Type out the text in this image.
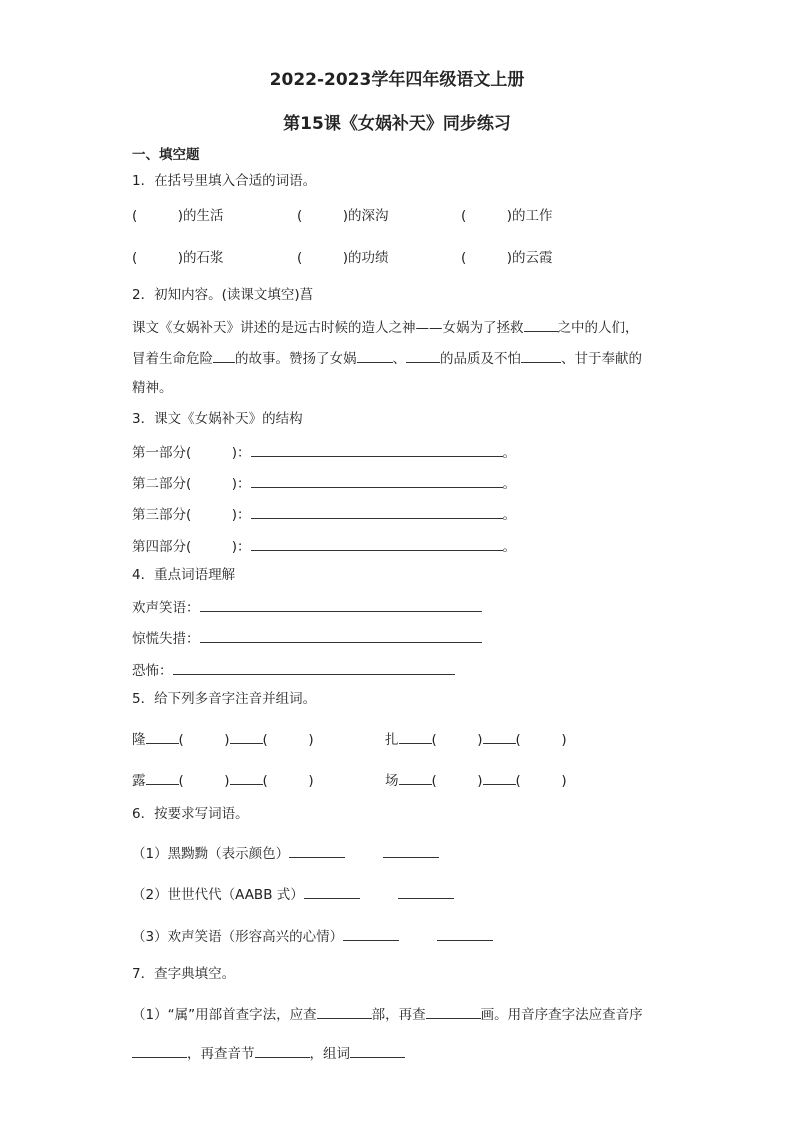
2022-2023学年四年级语文上册
第15课《女娲补天》同步练习
一、填空题
1．在括号里填入合适的词语。
(　　　)的生活	(　　　)的深沟	(　　　)的工作
(　　　)的石浆	(　　　)的功绩	(　　　)的云霞
2．初知内容。(读课文填空)菖
课文《女娲补天》讲述的是远古时候的造人之神——女娲为了拯救	之中的人们，
冒着生命危险 的故事。赞扬了女娲	、	的品质及不怕	、甘于奉献的
精神。
3．课文《女娲补天》的结构
第一部分(　　　)：	。
第二部分(　　　)：	。
第三部分(　　　)：	。
第四部分(　　　)：	。
4．重点词语理解
欢声笑语：
惊慌失措：
恐怖：
5．给下列多音字注音并组词。
隆 (　　　) (　　　)	扎 (　　　) (　　　)
露 (　　　) (　　　)	场 (　　　) (　　　)
6．按要求写词语。
（1）黑黝黝（表示颜色）
（2）世世代代（AABB 式）
（3）欢声笑语（形容高兴的心情）
7．查字典填空。
（1）“属”用部首查字法，应查	部，再查	画。用音序查字法应查音序
，再查音节	，组词
